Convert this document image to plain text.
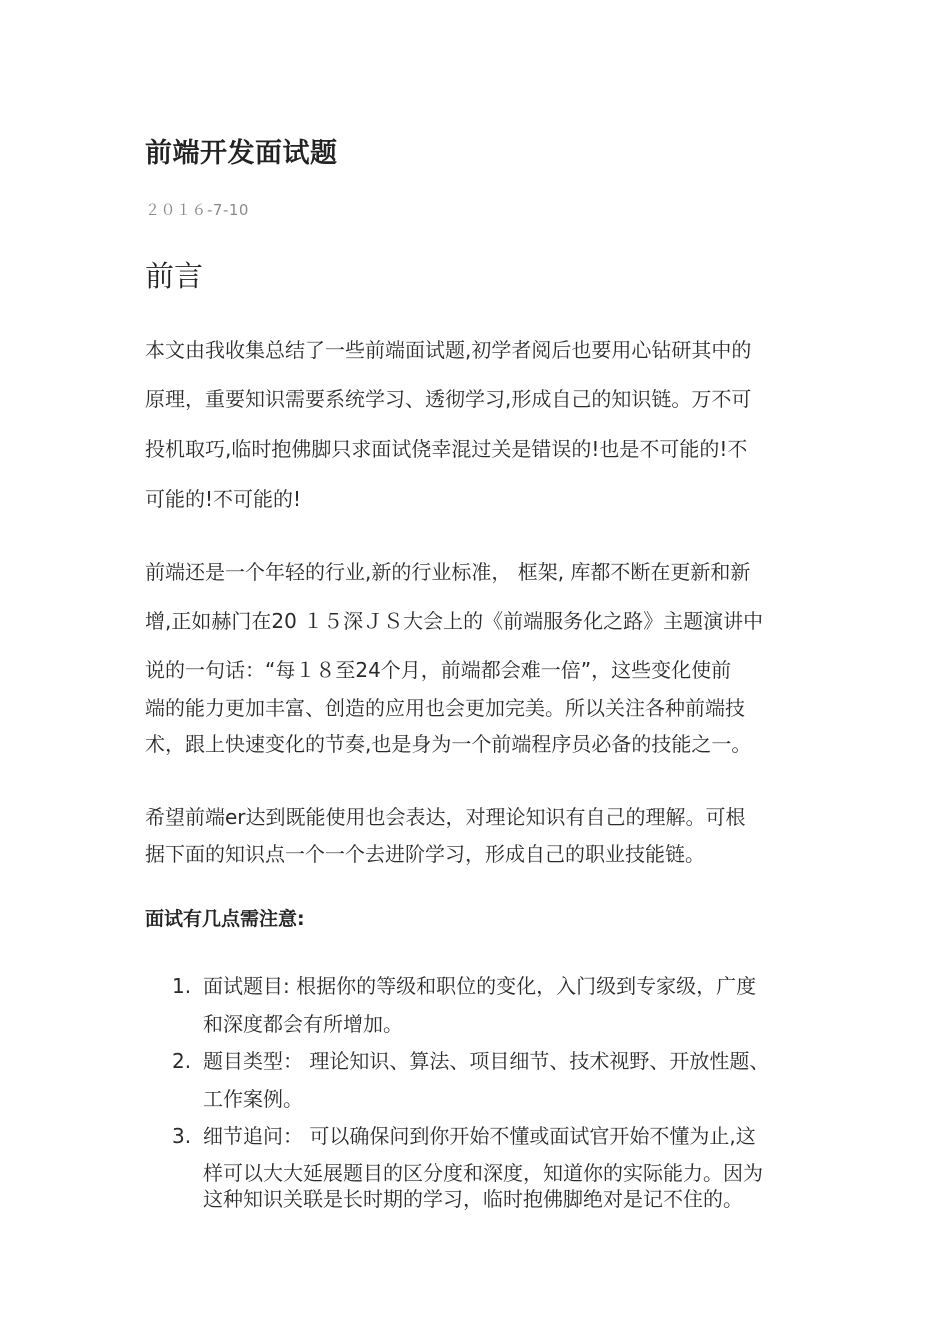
前端开发面试题
２０１６-7-10
前言
本文由我收集总结了一些前端面试题,初学者阅后也要用心钻研其中的
原理，重要知识需要系统学习、透彻学习,形成自己的知识链。万不可
投机取巧,临时抱佛脚只求面试侥幸混过关是错误的!也是不可能的!不
可能的!不可能的!
前端还是一个年轻的行业,新的行业标准， 框架, 库都不断在更新和新
增,正如赫门在20 １５深ＪＳ大会上的《前端服务化之路》主题演讲中
说的一句话：“每１８至24个月，前端都会难一倍”，这些变化使前
端的能力更加丰富、创造的应用也会更加完美。所以关注各种前端技
术，跟上快速变化的节奏,也是身为一个前端程序员必备的技能之一。
希望前端er达到既能使用也会表达，对理论知识有自己的理解。可根
据下面的知识点一个一个去进阶学习，形成自己的职业技能链。
面试有几点需注意:
1. 面试题目: 根据你的等级和职位的变化，入门级到专家级，广度
和深度都会有所增加。
2. 题目类型： 理论知识、算法、项目细节、技术视野、开放性题、
工作案例。
3. 细节追问： 可以确保问到你开始不懂或面试官开始不懂为止,这
样可以大大延展题目的区分度和深度，知道你的实际能力。因为
这种知识关联是长时期的学习，临时抱佛脚绝对是记不住的。
